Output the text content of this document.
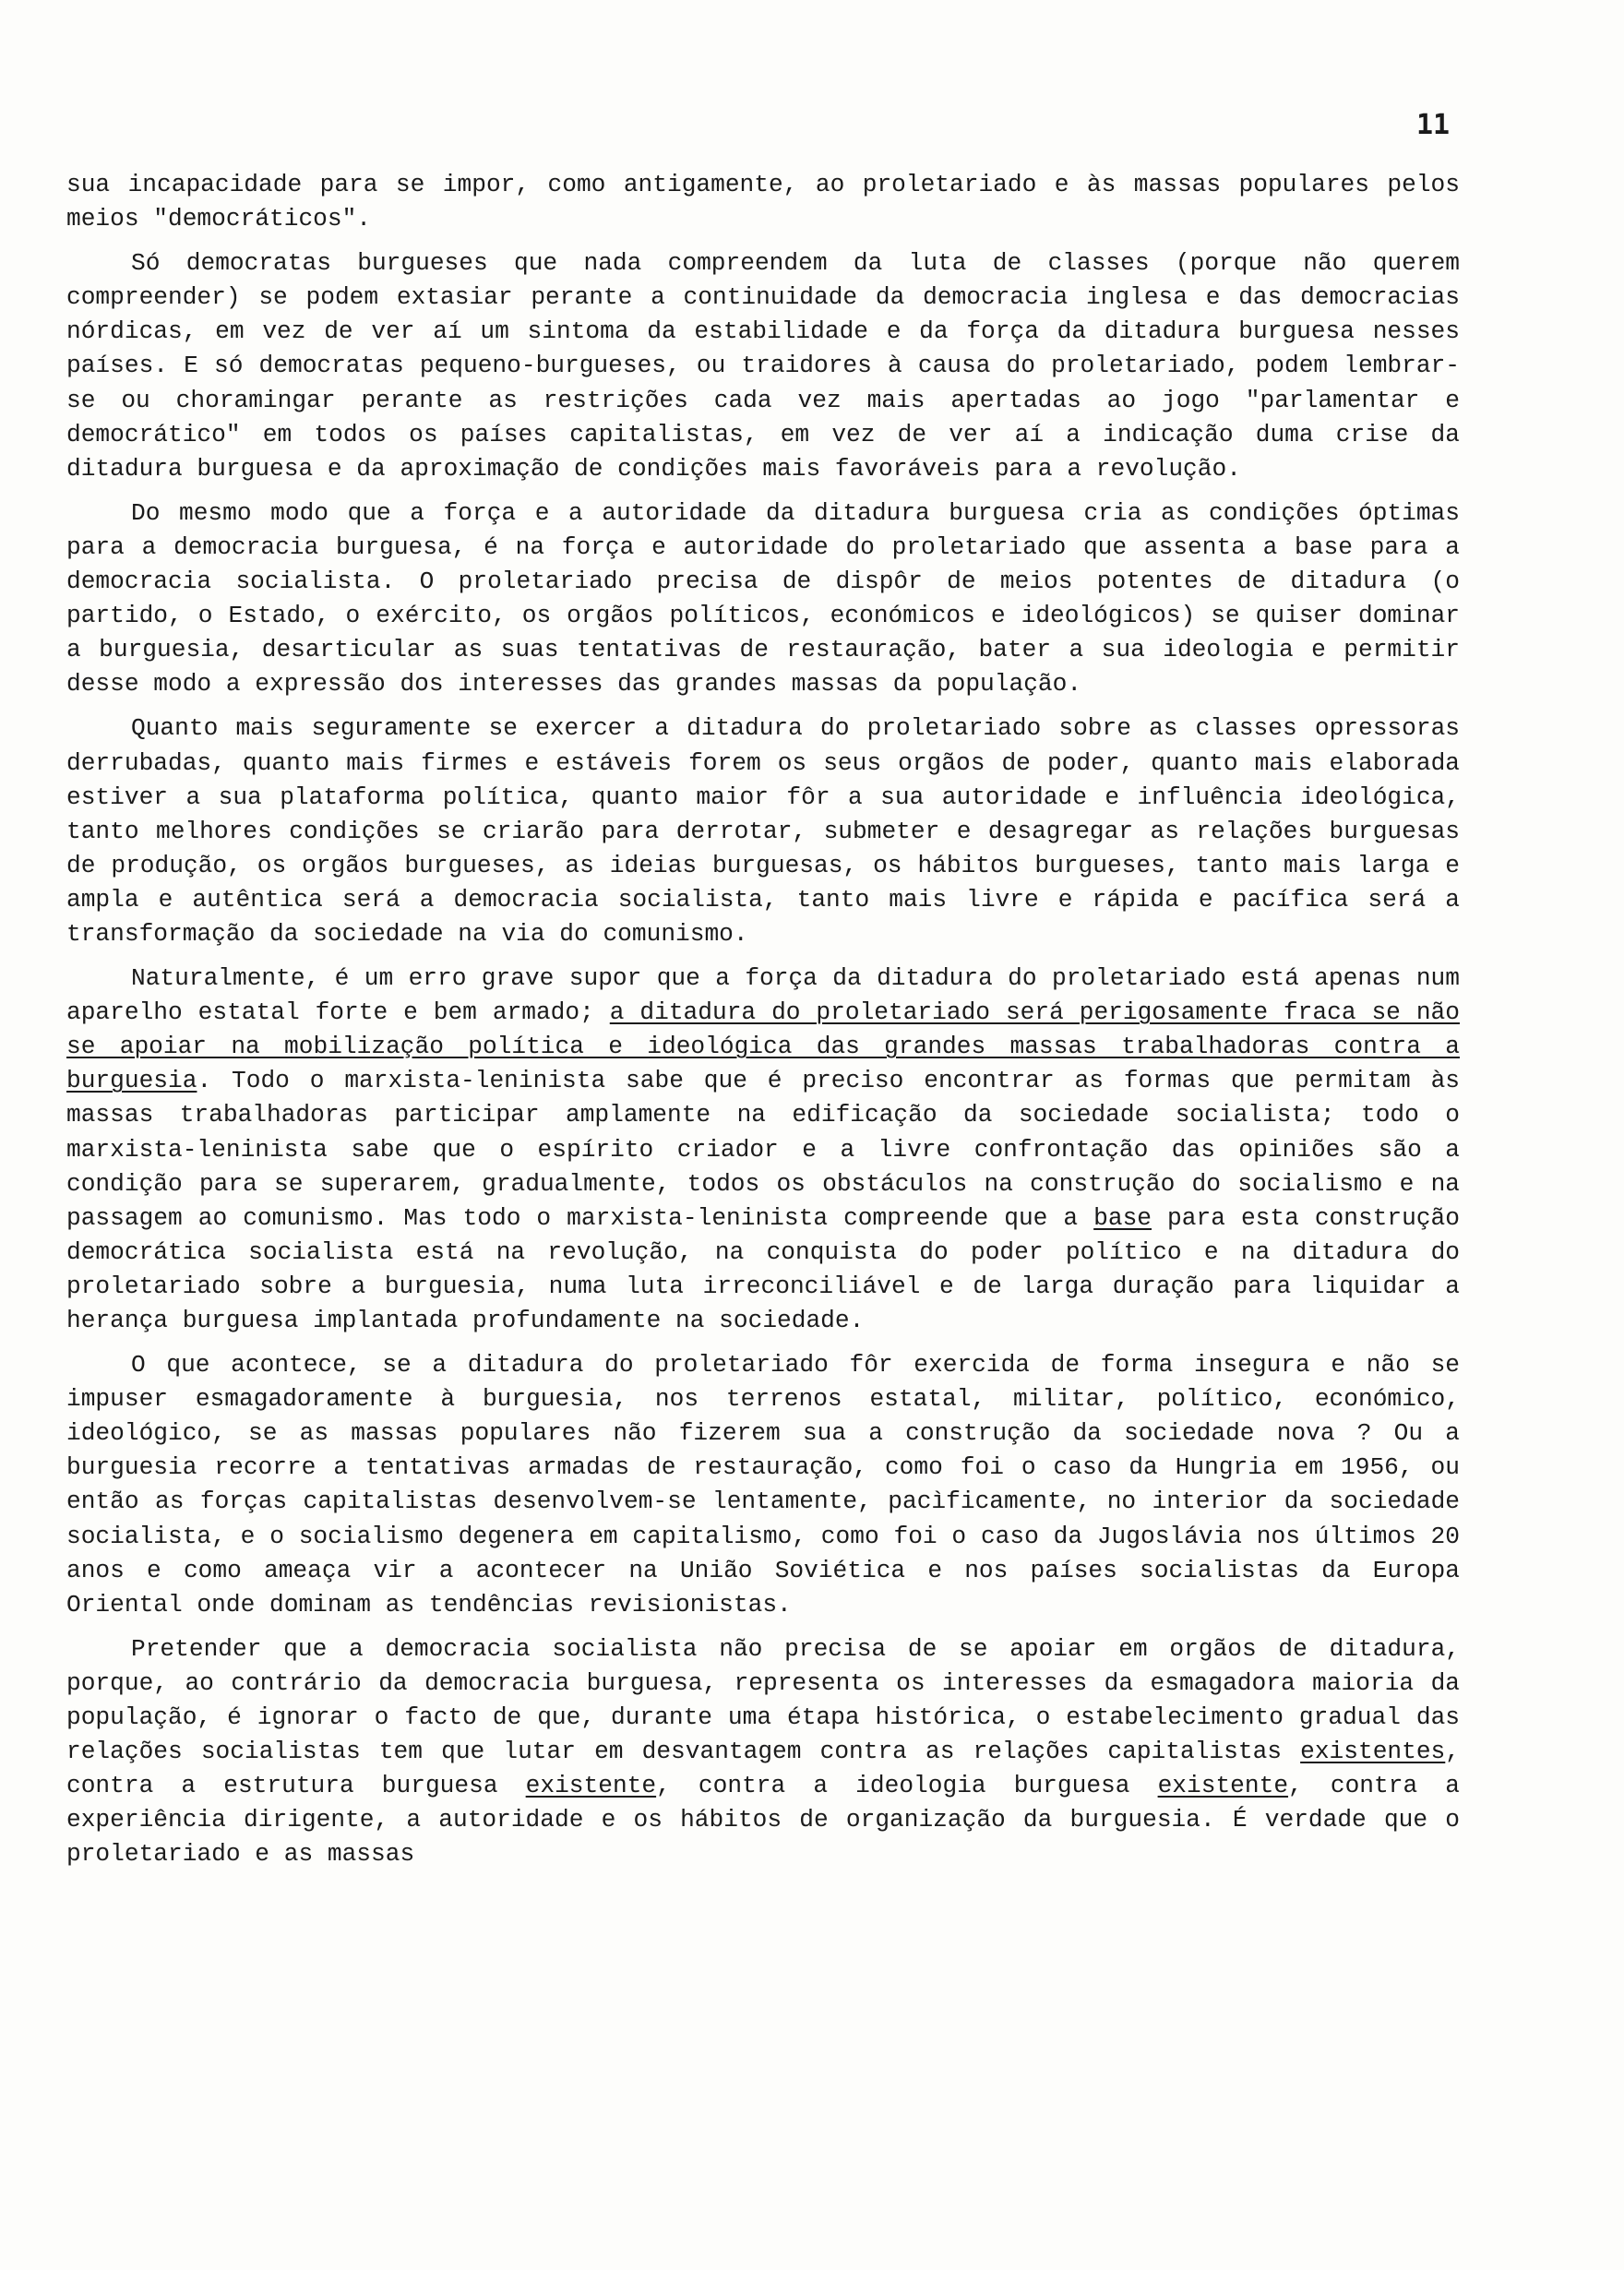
11

sua incapacidade para se impor, como antigamente, ao proletariado e às massas populares pelos meios "democráticos".

Só democratas burgueses que nada compreendem da luta de classes (porque não querem compreender) se podem extasiar perante a continuidade da democracia inglesa e das democracias nórdicas, em vez de ver aí um sintoma da estabilidade e da força da ditadura burguesa nesses países. E só democratas pequeno-burgueses, ou traidores à causa do proletariado, podem lembrar-se ou choramingar perante as restrições cada vez mais apertadas ao jogo "parlamentar e democrático" em todos os países capitalistas, em vez de ver aí a indicação duma crise da ditadura burguesa e da aproximação de condições mais favoráveis para a revolução.

Do mesmo modo que a força e a autoridade da ditadura burguesa cria as condições óptimas para a democracia burguesa, é na força e autoridade do proletariado que assenta a base para a democracia socialista. O proletariado precisa de dispôr de meios potentes de ditadura (o partido, o Estado, o exército, os orgãos políticos, económicos e ideológicos) se quiser dominar a burguesia, desarticular as suas tentativas de restauração, bater a sua ideologia e permitir desse modo a expressão dos interesses das grandes massas da população.

Quanto mais seguramente se exercer a ditadura do proletariado sobre as classes opressoras derrubadas, quanto mais firmes e estáveis forem os seus orgãos de poder, quanto mais elaborada estiver a sua plataforma política, quanto maior fôr a sua autoridade e influência ideológica, tanto melhores condições se criarão para derrotar, submeter e desagregar as relações burguesas de produção, os orgãos burgueses, as ideias burguesas, os hábitos burgueses, tanto mais larga e ampla e autêntica será a democracia socialista, tanto mais livre e rápida e pacífica será a transformação da sociedade na via do comunismo.

Naturalmente, é um erro grave supor que a força da ditadura do proletariado está apenas num aparelho estatal forte e bem armado; a ditadura do proletariado será perigosamente fraca se não se apoiar na mobilização política e ideológica das grandes massas trabalhadoras contra a burguesia. Todo o marxista-leninista sabe que é preciso encontrar as formas que permitam às massas trabalhadoras participar amplamente na edificação da sociedade socialista; todo o marxista-leninista sabe que o espírito criador e a livre confrontação das opiniões são a condição para se superarem, gradualmente, todos os obstáculos na construção do socialismo e na passagem ao comunismo. Mas todo o marxista-leninista compreende que a base para esta construção democrática socialista está na revolução, na conquista do poder político e na ditadura do proletariado sobre a burguesia, numa luta irreconciliável e de larga duração para liquidar a herança burguesa implantada profundamente na sociedade.

O que acontece, se a ditadura do proletariado fôr exercida de forma insegura e não se impuser esmagadoramente à burguesia, nos terrenos estatal, militar, político, económico, ideológico, se as massas populares não fizerem sua a construção da sociedade nova ? Ou a burguesia recorre a tentativas armadas de restauração, como foi o caso da Hungria em 1956, ou então as forças capitalistas desenvolvem-se lentamente, pacìficamente, no interior da sociedade socialista, e o socialismo degenera em capitalismo, como foi o caso da Jugoslávia nos últimos 20 anos e como ameaça vir a acontecer na União Soviética e nos países socialistas da Europa Oriental onde dominam as tendências revisionistas.

Pretender que a democracia socialista não precisa de se apoiar em orgãos de ditadura, porque, ao contrário da democracia burguesa, representa os interesses da esmagadora maioria da população, é ignorar o facto de que, durante uma étapa histórica, o estabelecimento gradual das relações socialistas tem que lutar em desvantagem contra as relações capitalistas existentes, contra a estrutura burguesa existente, contra a ideologia burguesa existente, contra a experiência dirigente, a autoridade e os hábitos de organização da burguesia. É verdade que o proletariado e as massas
